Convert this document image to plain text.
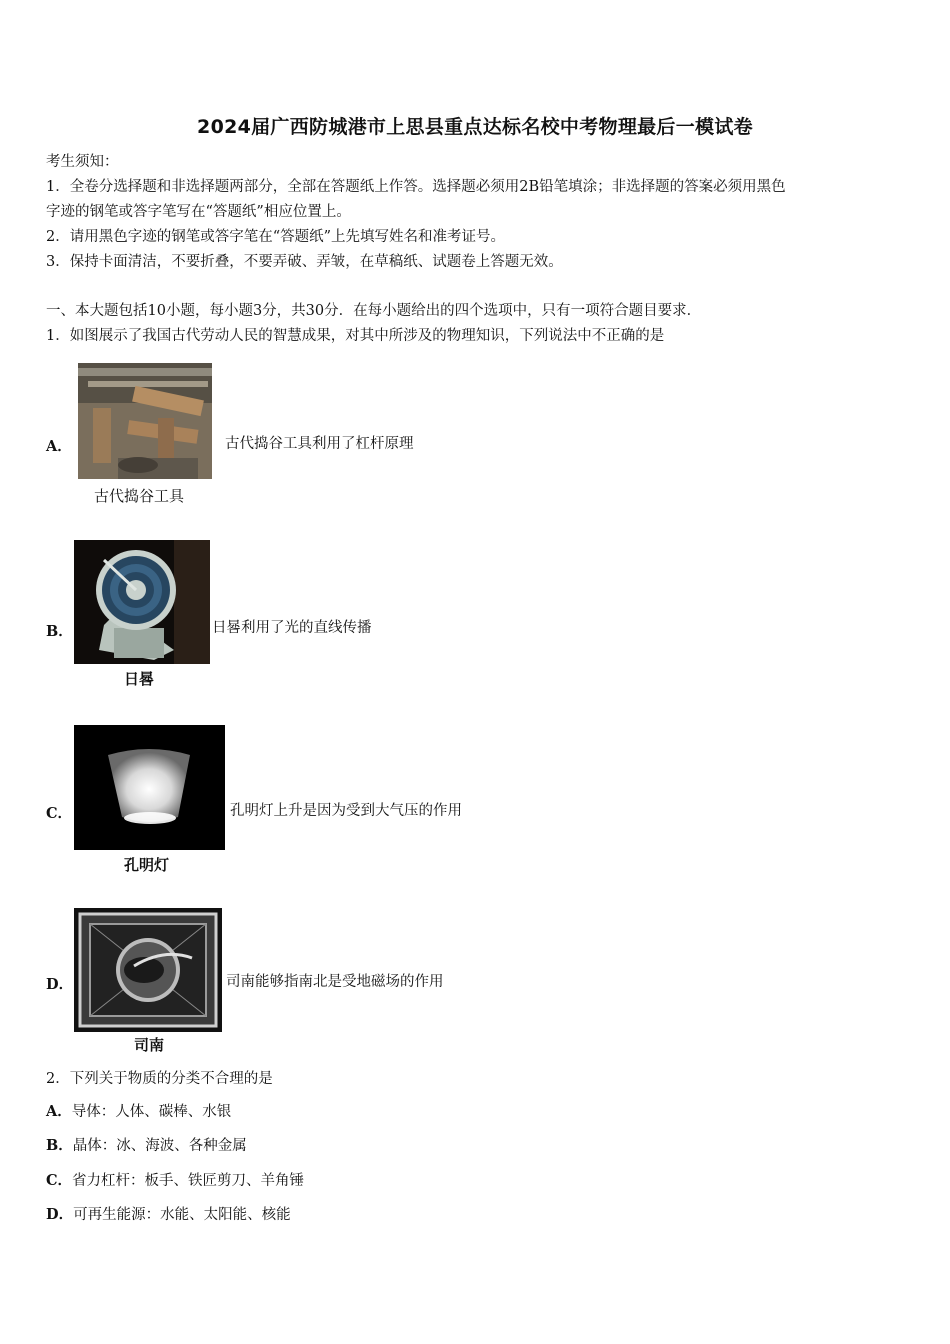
2024届广西防城港市上思县重点达标名校中考物理最后一模试卷
考生须知：
1．全卷分选择题和非选择题两部分，全部在答题纸上作答。选择题必须用2B铅笔填涂；非选择题的答案必须用黑色
字迹的钢笔或答字笔写在“答题纸”相应位置上。
2．请用黑色字迹的钢笔或答字笔在“答题纸”上先填写姓名和准考证号。
3．保持卡面清洁，不要折叠，不要弄破、弄皱，在草稿纸、试题卷上答题无效。
一、本大题包括10小题，每小题3分，共30分．在每小题给出的四个选项中，只有一项符合题目要求．
1．如图展示了我国古代劳动人民的智慧成果，对其中所涉及的物理知识，下列说法中不正确的是
A．
古代捣谷工具
古代捣谷工具利用了杠杆原理
B．
日晷
日晷利用了光的直线传播
C．
孔明灯
孔明灯上升是因为受到大气压的作用
D．
司南
司南能够指南北是受地磁场的作用
2．下列关于物质的分类不合理的是
A．导体：人体、碳棒、水银
B．晶体：冰、海波、各种金属
C．省力杠杆：板手、铁匠剪刀、羊角锤
D．可再生能源：水能、太阳能、核能
